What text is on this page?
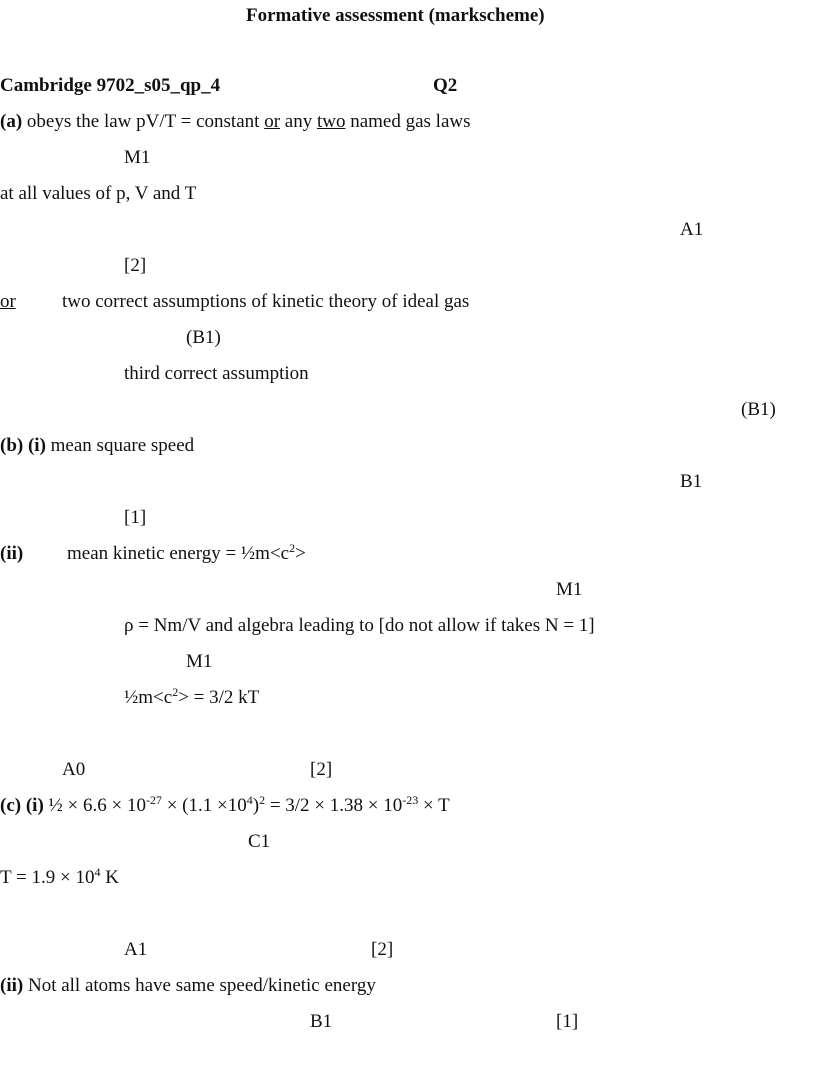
Formative assessment (markscheme)
Cambridge 9702_s05_qp_4	Q2
(a) obeys the law pV/T = constant or any two named gas laws
M1
at all values of p, V and T
A1
[2]
or two correct assumptions of kinetic theory of ideal gas
(B1)
third correct assumption
(B1)
(b) (i) mean square speed
B1
[1]
(ii) mean kinetic energy = $\frac{1}{2}m<c^2>$
M1
ρ = Nm/V and algebra leading to [do not allow if takes N = 1]
M1
$\frac{1}{2}m<c^2> = 3/2$ kT
A0	[2]
(c) (i) ½ × $6.6 \times 10^{-27} \times (1.1 \times 10^4)^2 = 3/2 \times 1.38 \times 10^{-23} \times T$
C1
$T = 1.9 \times 10^4$ K
A1	[2]
(ii) Not all atoms have same speed/kinetic energy
B1	[1]
